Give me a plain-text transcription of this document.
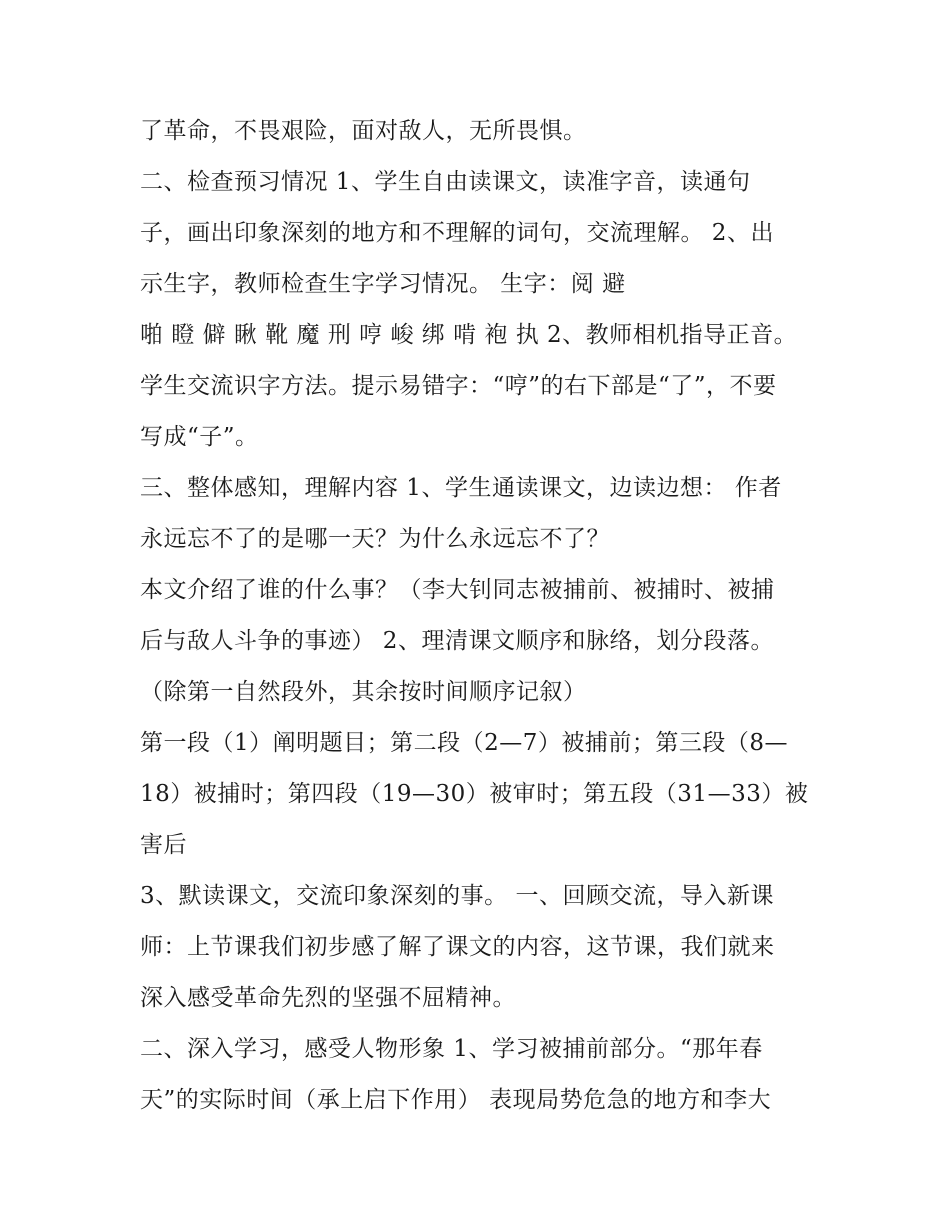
了革命，不畏艰险，面对敌人，无所畏惧。
二、检查预习情况 1、学生自由读课文，读准字音，读通句
子，画出印象深刻的地方和不理解的词句，交流理解。 2、出
示生字，教师检查生字学习情况。 生字：阅 避
啪 瞪 僻 瞅 靴 魔 刑 哼 峻 绑 啃 袍 执 2、教师相机指导正音。
学生交流识字方法。提示易错字：“哼”的右下部是“了”，不要
写成“子”。
三、整体感知，理解内容 1、学生通读课文，边读边想： 作者
永远忘不了的是哪一天？为什么永远忘不了？
本文介绍了谁的什么事？（李大钊同志被捕前、被捕时、被捕
后与敌人斗争的事迹） 2、理清课文顺序和脉络，划分段落。
（除第一自然段外，其余按时间顺序记叙）
第一段（1）阐明题目；第二段（2—7）被捕前；第三段（8—
18）被捕时；第四段（19—30）被审时；第五段（31—33）被
害后
3、默读课文，交流印象深刻的事。 一、回顾交流，导入新课
师：上节课我们初步感了解了课文的内容，这节课，我们就来
深入感受革命先烈的坚强不屈精神。
二、深入学习，感受人物形象 1、学习被捕前部分。“那年春
天”的实际时间（承上启下作用） 表现局势危急的地方和李大
